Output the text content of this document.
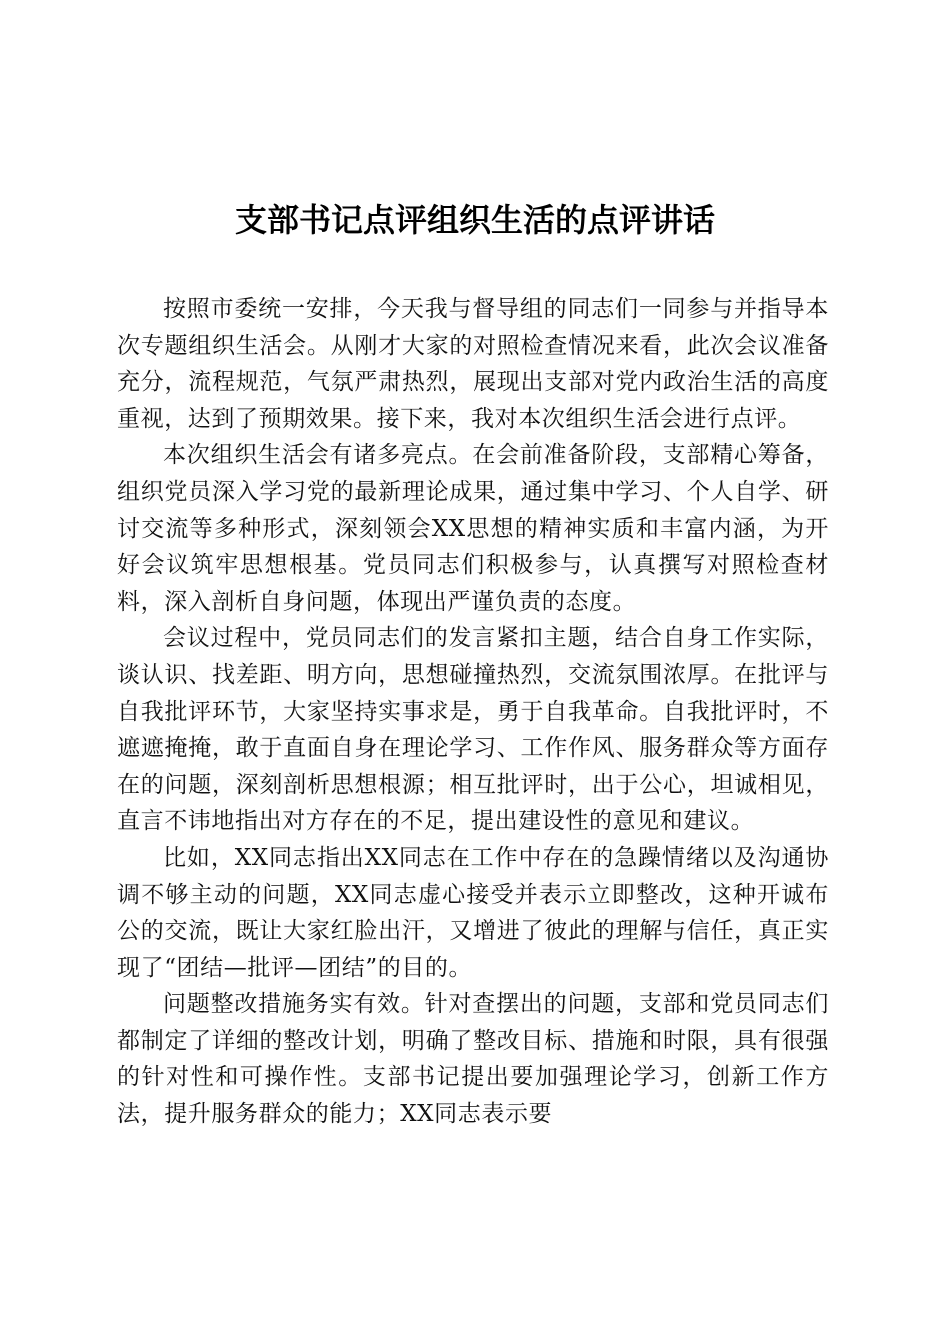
支部书记点评组织生活的点评讲话

按照市委统一安排，今天我与督导组的同志们一同参与并指导本次专题组织生活会。从刚才大家的对照检查情况来看，此次会议准备充分，流程规范，气氛严肃热烈，展现出支部对党内政治生活的高度重视，达到了预期效果。接下来，我对本次组织生活会进行点评。

本次组织生活会有诸多亮点。在会前准备阶段，支部精心筹备，组织党员深入学习党的最新理论成果，通过集中学习、个人自学、研讨交流等多种形式，深刻领会XX思想的精神实质和丰富内涵，为开好会议筑牢思想根基。党员同志们积极参与，认真撰写对照检查材料，深入剖析自身问题，体现出严谨负责的态度。

会议过程中，党员同志们的发言紧扣主题，结合自身工作实际，谈认识、找差距、明方向，思想碰撞热烈，交流氛围浓厚。在批评与自我批评环节，大家坚持实事求是，勇于自我革命。自我批评时，不遮遮掩掩，敢于直面自身在理论学习、工作作风、服务群众等方面存在的问题，深刻剖析思想根源；相互批评时，出于公心，坦诚相见，直言不讳地指出对方存在的不足，提出建设性的意见和建议。

比如，XX同志指出XX同志在工作中存在的急躁情绪以及沟通协调不够主动的问题，XX同志虚心接受并表示立即整改，这种开诚布公的交流，既让大家红脸出汗，又增进了彼此的理解与信任，真正实现了“团结—批评—团结”的目的。

问题整改措施务实有效。针对查摆出的问题，支部和党员同志们都制定了详细的整改计划，明确了整改目标、措施和时限，具有很强的针对性和可操作性。支部书记提出要加强理论学习，创新工作方法，提升服务群众的能力；XX同志表示要
